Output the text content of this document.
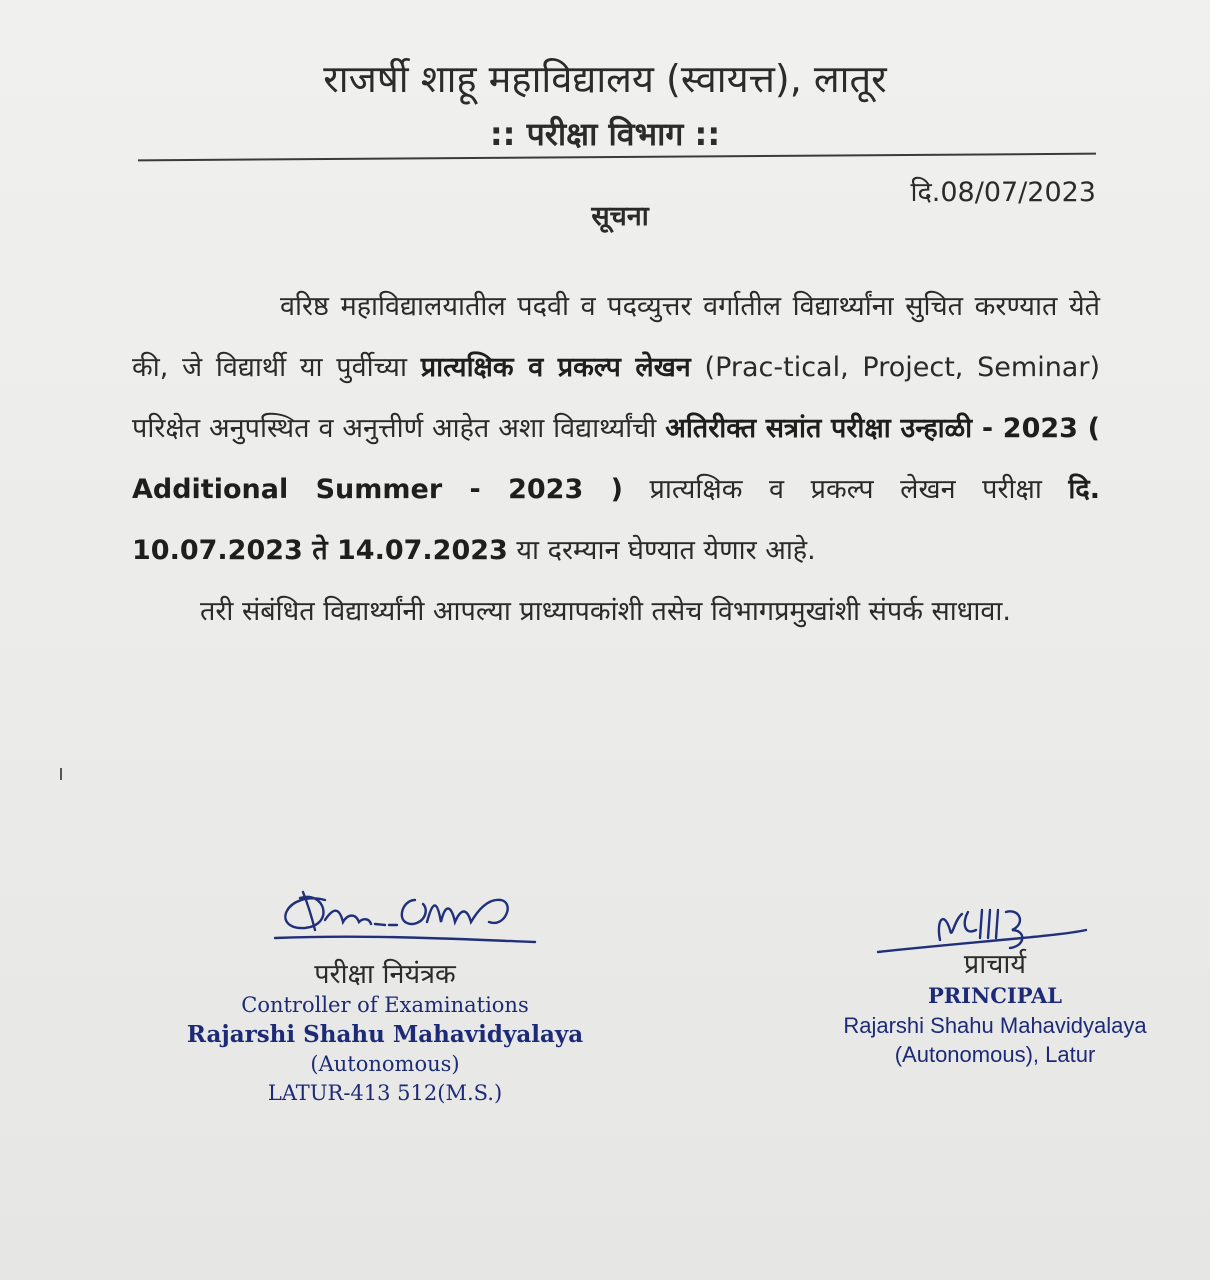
राजर्षी शाहू महाविद्यालय (स्वायत्त), लातूर
:: परीक्षा विभाग ::
दि.08/07/2023
सूचना

वरिष्ठ महाविद्यालयातील पदवी व पदव्युत्तर वर्गातील विद्यार्थ्यांना सुचित करण्यात येते की, जे विद्यार्थी या पुर्वीच्या प्रात्यक्षिक व प्रकल्प लेखन (Prac-tical, Project, Seminar) परिक्षेत अनुपस्थित व अनुत्तीर्ण आहेत अशा विद्यार्थ्यांची अतिरीक्त सत्रांत परीक्षा उन्हाळी - 2023 ( Additional Summer - 2023 ) प्रात्यक्षिक व प्रकल्प लेखन परीक्षा दि. 10.07.2023 ते 14.07.2023 या दरम्यान घेण्यात येणार आहे.

तरी संबंधित विद्यार्थ्यांनी आपल्या प्राध्यापकांशी तसेच विभागप्रमुखांशी संपर्क साधावा.

परीक्षा नियंत्रक
Controller of Examinations
Rajarshi Shahu Mahavidyalaya
(Autonomous)
LATUR-413 512(M.S.)
प्राचार्य
PRINCIPAL
Rajarshi Shahu Mahavidyalaya
(Autonomous), Latur
